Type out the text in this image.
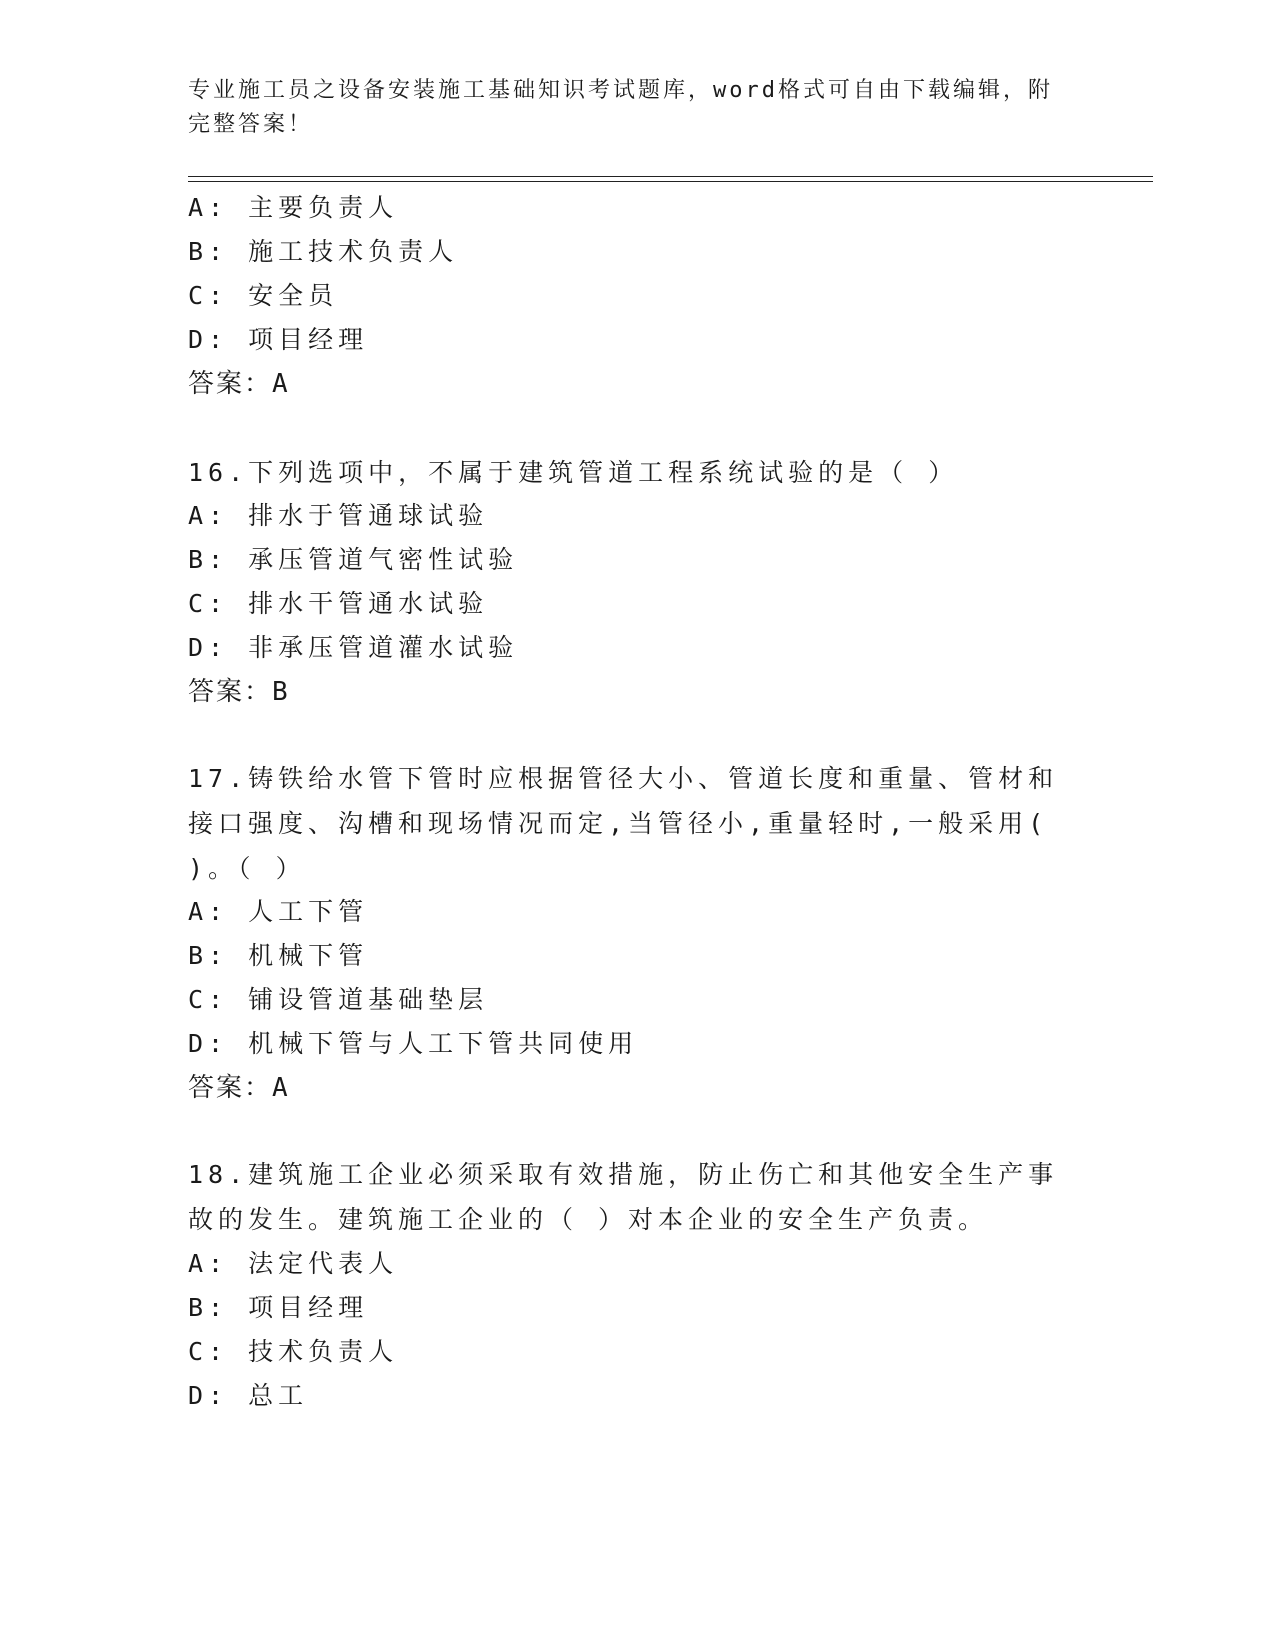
专业施工员之设备安装施工基础知识考试题库，word格式可自由下载编辑，附完整答案！
A: 主要负责人
B: 施工技术负责人
C: 安全员
D: 项目经理
答案：A
16.下列选项中，不属于建筑管道工程系统试验的是（ ）
A: 排水于管通球试验
B: 承压管道气密性试验
C: 排水干管通水试验
D: 非承压管道灌水试验
答案：B
17.铸铁给水管下管时应根据管径大小、管道长度和重量、管材和接口强度、沟槽和现场情况而定,当管径小,重量轻时,一般采用( )。（ ）
A: 人工下管
B: 机械下管
C: 铺设管道基础垫层
D: 机械下管与人工下管共同使用
答案：A
18.建筑施工企业必须采取有效措施，防止伤亡和其他安全生产事故的发生。建筑施工企业的（ ）对本企业的安全生产负责。
A: 法定代表人
B: 项目经理
C: 技术负责人
D: 总工
